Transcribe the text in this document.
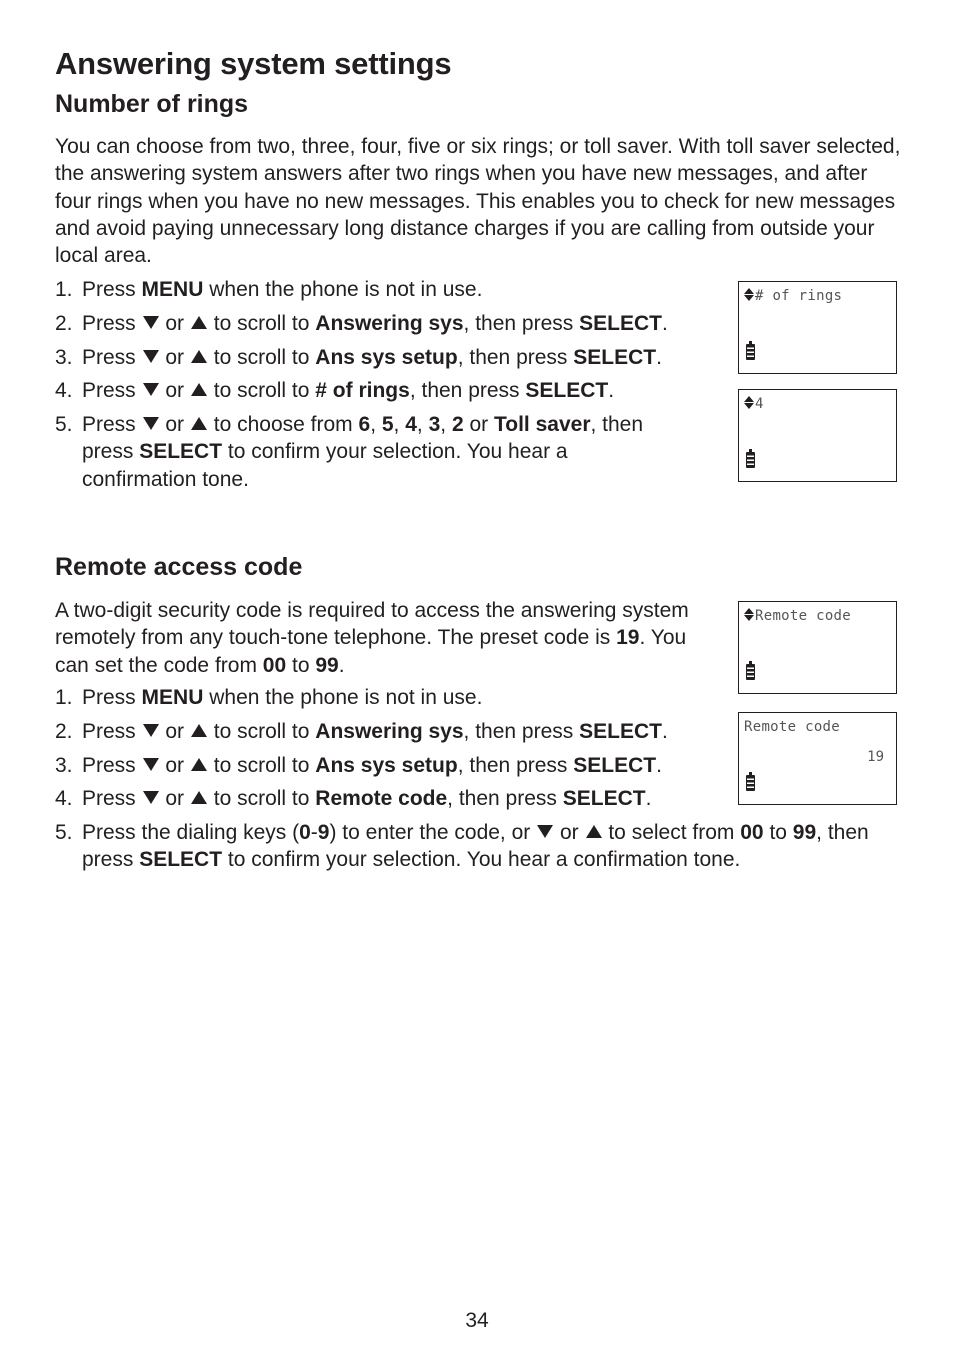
Answering system settings
Number of rings

You can choose from two, three, four, five or six rings; or toll saver. With toll saver selected, the answering system answers after two rings when you have new messages, and after four rings when you have no new messages. This enables you to check for new messages and avoid paying unnecessary long distance charges if you are calling from outside your local area.

1. Press MENU when the phone is not in use.
2. Press or to scroll to Answering sys, then press SELECT.
3. Press or to scroll to Ans sys setup, then press SELECT.
4. Press or to scroll to # of rings, then press SELECT.
5. Press or to choose from 6, 5, 4, 3, 2 or Toll saver, then press SELECT to confirm your selection. You hear a confirmation tone.
# of rings
4
Remote access code

A two-digit security code is required to access the answering system remotely from any touch-tone telephone. The preset code is 19. You can set the code from 00 to 99.

1. Press MENU when the phone is not in use.
2. Press or to scroll to Answering sys, then press SELECT.
3. Press or to scroll to Ans sys setup, then press SELECT.
4. Press or to scroll to Remote code, then press SELECT.
5. Press the dialing keys (0-9) to enter the code, or or to select from 00 to 99, then press SELECT to confirm your selection. You hear a confirmation tone.
Remote code
Remote code
19
34
